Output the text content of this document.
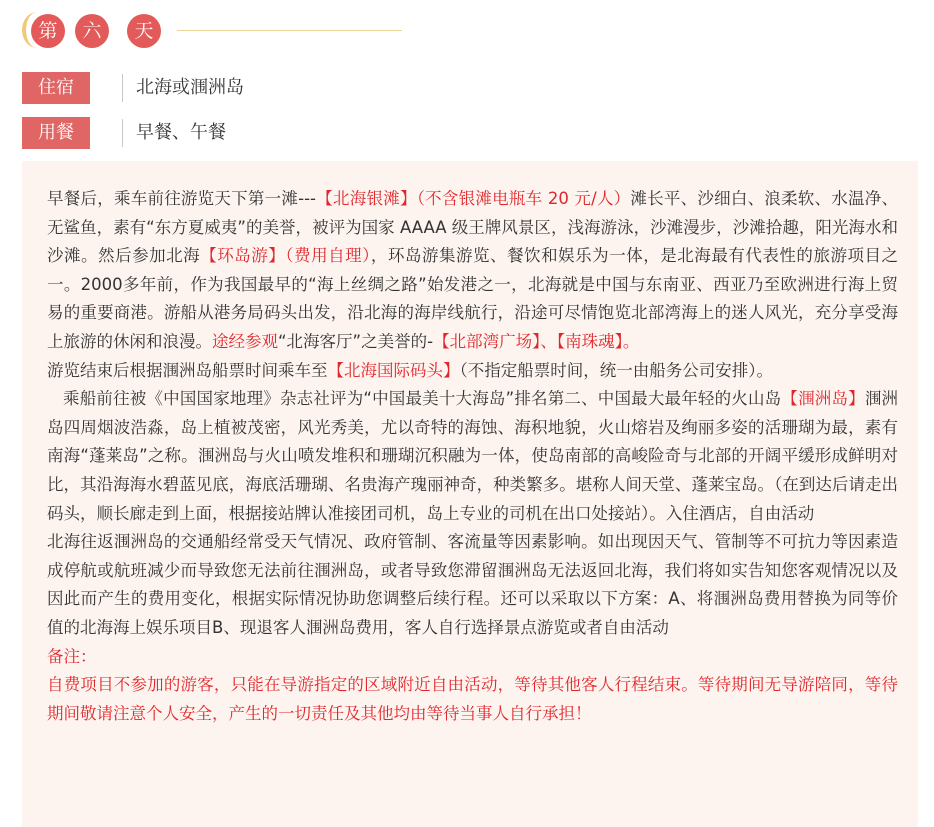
第	六	天
住宿	北海或涠洲岛
用餐	早餐、午餐

早餐后，乘车前往游览天下第一滩---【北海银滩】（不含银滩电瓶车 20 元/人）滩长平、沙细白、浪柔软、水温净、无鲨鱼，素有“东方夏威夷”的美誉，被评为国家 AAAA 级王牌风景区，浅海游泳，沙滩漫步，沙滩拾趣，阳光海水和沙滩。然后参加北海【环岛游】（费用自理），环岛游集游览、餐饮和娱乐为一体，是北海最有代表性的旅游项目之一。2000多年前，作为我国最早的“海上丝绸之路”始发港之一，北海就是中国与东南亚、西亚乃至欧洲进行海上贸易的重要商港。游船从港务局码头出发，沿北海的海岸线航行，沿途可尽情饱览北部湾海上的迷人风光，充分享受海上旅游的休闲和浪漫。途经参观“北海客厅”之美誉的-【北部湾广场】、【南珠魂】。

游览结束后根据涠洲岛船票时间乘车至【北海国际码头】（不指定船票时间，统一由船务公司安排）。

乘船前往被《中国国家地理》杂志社评为“中国最美十大海岛”排名第二、中国最大最年轻的火山岛【涠洲岛】涠洲岛四周烟波浩淼，岛上植被茂密，风光秀美，尤以奇特的海蚀、海积地貌，火山熔岩及绚丽多姿的活珊瑚为最，素有南海“蓬莱岛”之称。涠洲岛与火山喷发堆积和珊瑚沉积融为一体，使岛南部的高峻险奇与北部的开阔平缓形成鲜明对比，其沿海海水碧蓝见底，海底活珊瑚、名贵海产瑰丽神奇，种类繁多。堪称人间天堂、蓬莱宝岛。（在到达后请走出码头，顺长廊走到上面，根据接站牌认准接团司机，岛上专业的司机在出口处接站）。入住酒店，自由活动

北海往返涠洲岛的交通船经常受天气情况、政府管制、客流量等因素影响。如出现因天气、管制等不可抗力等因素造成停航或航班减少而导致您无法前往涠洲岛，或者导致您滞留涠洲岛无法返回北海，我们将如实告知您客观情况以及因此而产生的费用变化，根据实际情况协助您调整后续行程。还可以采取以下方案：A、将涠洲岛费用替换为同等价值的北海海上娱乐项目B、现退客人涠洲岛费用，客人自行选择景点游览或者自由活动

备注：

自费项目不参加的游客，只能在导游指定的区域附近自由活动，等待其他客人行程结束。等待期间无导游陪同，等待期间敬请注意个人安全，产生的一切责任及其他均由等待当事人自行承担！
